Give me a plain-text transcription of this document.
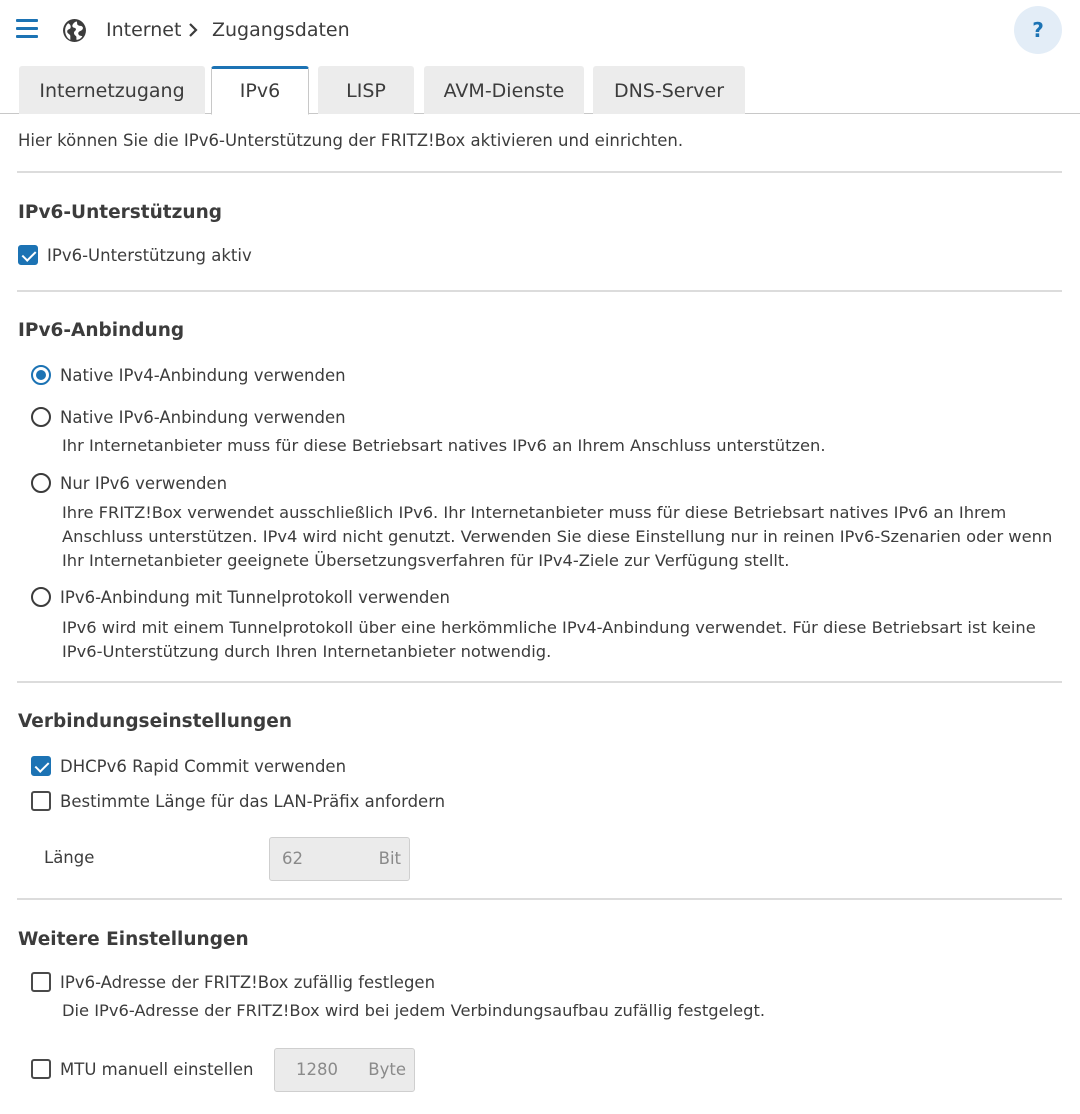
Internet Zugangsdaten	?
Internetzugang	IPv6	LISP	AVM-Dienste	DNS-Server
Hier können Sie die IPv6-Unterstützung der FRITZ!Box aktivieren und einrichten.
IPv6-Unterstützung
IPv6-Unterstützung aktiv
IPv6-Anbindung
Native IPv4-Anbindung verwenden
Native IPv6-Anbindung verwenden
Ihr Internetanbieter muss für diese Betriebsart natives IPv6 an Ihrem Anschluss unterstützen.
Nur IPv6 verwenden
Ihre FRITZ!Box verwendet ausschließlich IPv6. Ihr Internetanbieter muss für diese Betriebsart natives IPv6 an Ihrem Anschluss unterstützen. IPv4 wird nicht genutzt. Verwenden Sie diese Einstellung nur in reinen IPv6-Szenarien oder wenn Ihr Internetanbieter geeignete Übersetzungsverfahren für IPv4-Ziele zur Verfügung stellt.
IPv6-Anbindung mit Tunnelprotokoll verwenden
IPv6 wird mit einem Tunnelprotokoll über eine herkömmliche IPv4-Anbindung verwendet. Für diese Betriebsart ist keine IPv6-Unterstützung durch Ihren Internetanbieter notwendig.
Verbindungseinstellungen
DHCPv6 Rapid Commit verwenden
Bestimmte Länge für das LAN-Präfix anfordern
Länge	62	Bit
Weitere Einstellungen
IPv6-Adresse der FRITZ!Box zufällig festlegen
Die IPv6-Adresse der FRITZ!Box wird bei jedem Verbindungsaufbau zufällig festgelegt.
MTU manuell einstellen	1280 Byte
